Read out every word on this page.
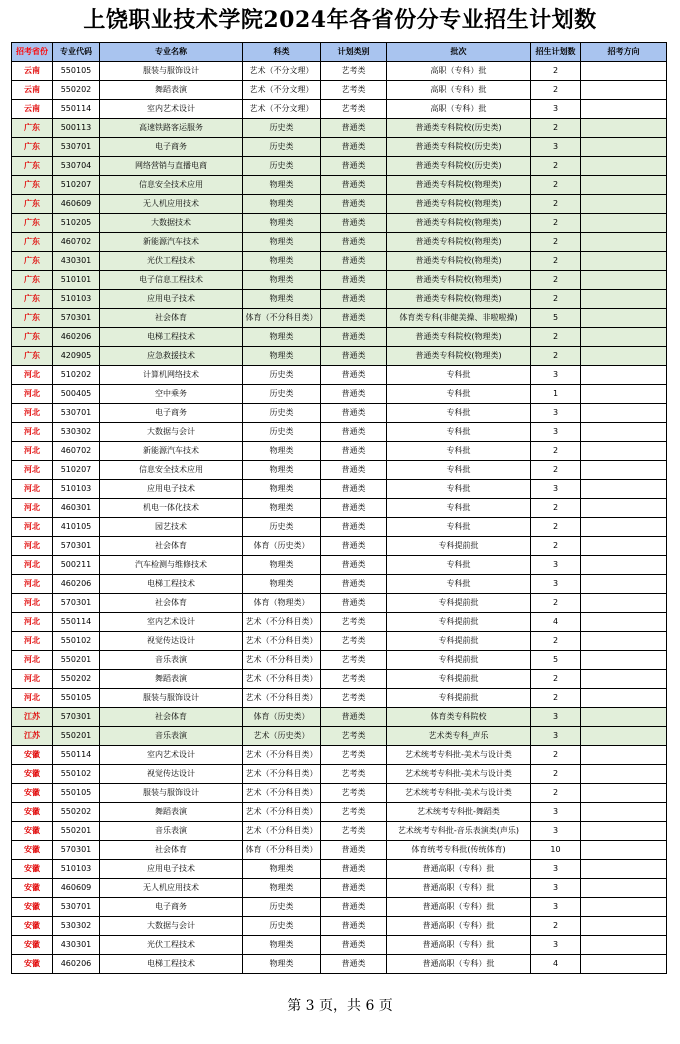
上饶职业技术学院2024年各省份分专业招生计划数
招考省份	专业代码	专业名称	科类	计划类别	批次	招生计划数	招考方向
云南	550105	服装与服饰设计	艺术（不分文理）	艺考类	高职（专科）批	2	
云南	550202	舞蹈表演	艺术（不分文理）	艺考类	高职（专科）批	2	
云南	550114	室内艺术设计	艺术（不分文理）	艺考类	高职（专科）批	3	
广东	500113	高速铁路客运服务	历史类	普通类	普通类专科院校(历史类)	2	
广东	530701	电子商务	历史类	普通类	普通类专科院校(历史类)	3	
广东	530704	网络营销与直播电商	历史类	普通类	普通类专科院校(历史类)	2	
广东	510207	信息安全技术应用	物理类	普通类	普通类专科院校(物理类)	2	
广东	460609	无人机应用技术	物理类	普通类	普通类专科院校(物理类)	2	
广东	510205	大数据技术	物理类	普通类	普通类专科院校(物理类)	2	
广东	460702	新能源汽车技术	物理类	普通类	普通类专科院校(物理类)	2	
广东	430301	光伏工程技术	物理类	普通类	普通类专科院校(物理类)	2	
广东	510101	电子信息工程技术	物理类	普通类	普通类专科院校(物理类)	2	
广东	510103	应用电子技术	物理类	普通类	普通类专科院校(物理类)	2	
广东	570301	社会体育	体育（不分科目类）	普通类	体育类专科(非健美操、非啦啦操)	5	
广东	460206	电梯工程技术	物理类	普通类	普通类专科院校(物理类)	2	
广东	420905	应急救援技术	物理类	普通类	普通类专科院校(物理类)	2	
河北	510202	计算机网络技术	历史类	普通类	专科批	3	
河北	500405	空中乘务	历史类	普通类	专科批	1	
河北	530701	电子商务	历史类	普通类	专科批	3	
河北	530302	大数据与会计	历史类	普通类	专科批	3	
河北	460702	新能源汽车技术	物理类	普通类	专科批	2	
河北	510207	信息安全技术应用	物理类	普通类	专科批	2	
河北	510103	应用电子技术	物理类	普通类	专科批	3	
河北	460301	机电一体化技术	物理类	普通类	专科批	2	
河北	410105	园艺技术	历史类	普通类	专科批	2	
河北	570301	社会体育	体育（历史类）	普通类	专科提前批	2	
河北	500211	汽车检测与维修技术	物理类	普通类	专科批	3	
河北	460206	电梯工程技术	物理类	普通类	专科批	3	
河北	570301	社会体育	体育（物理类）	普通类	专科提前批	2	
河北	550114	室内艺术设计	艺术（不分科目类）	艺考类	专科提前批	4	
河北	550102	视觉传达设计	艺术（不分科目类）	艺考类	专科提前批	2	
河北	550201	音乐表演	艺术（不分科目类）	艺考类	专科提前批	5	
河北	550202	舞蹈表演	艺术（不分科目类）	艺考类	专科提前批	2	
河北	550105	服装与服饰设计	艺术（不分科目类）	艺考类	专科提前批	2	
江苏	570301	社会体育	体育（历史类）	普通类	体育类专科院校	3	
江苏	550201	音乐表演	艺术（历史类）	艺考类	艺术类专科_声乐	3	
安徽	550114	室内艺术设计	艺术（不分科目类）	艺考类	艺术统考专科批-美术与设计类	2	
安徽	550102	视觉传达设计	艺术（不分科目类）	艺考类	艺术统考专科批-美术与设计类	2	
安徽	550105	服装与服饰设计	艺术（不分科目类）	艺考类	艺术统考专科批-美术与设计类	2	
安徽	550202	舞蹈表演	艺术（不分科目类）	艺考类	艺术统考专科批-舞蹈类	3	
安徽	550201	音乐表演	艺术（不分科目类）	艺考类	艺术统考专科批-音乐表演类(声乐)	3	
安徽	570301	社会体育	体育（不分科目类）	普通类	体育统考专科批(传统体育)	10	
安徽	510103	应用电子技术	物理类	普通类	普通高职（专科）批	3	
安徽	460609	无人机应用技术	物理类	普通类	普通高职（专科）批	3	
安徽	530701	电子商务	历史类	普通类	普通高职（专科）批	3	
安徽	530302	大数据与会计	历史类	普通类	普通高职（专科）批	2	
安徽	430301	光伏工程技术	物理类	普通类	普通高职（专科）批	3	
安徽	460206	电梯工程技术	物理类	普通类	普通高职（专科）批	4	
第 3 页，共 6 页
